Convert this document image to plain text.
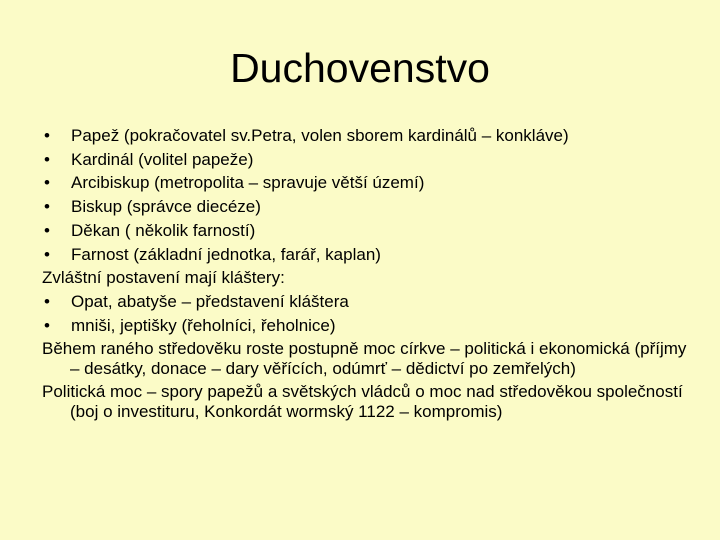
Duchovenstvo
• Papež (pokračovatel sv.Petra, volen sborem kardinálů – konkláve)
• Kardinál (volitel papeže)
• Arcibiskup (metropolita – spravuje větší území)
• Biskup (správce diecéze)
• Děkan ( několik farností)
• Farnost (základní jednotka, farář, kaplan)
Zvláštní postavení mají kláštery:
• Opat, abatyše – představení kláštera
• mniši, jeptišky (řeholníci, řeholnice)
Během raného středověku roste postupně moc církve – politická i ekonomická (příjmy – desátky, donace – dary věřících, odúmrť – dědictví po zemřelých)
Politická moc – spory papežů a světských vládců o moc nad středověkou společností (boj o investituru, Konkordát wormský 1122 – kompromis)
